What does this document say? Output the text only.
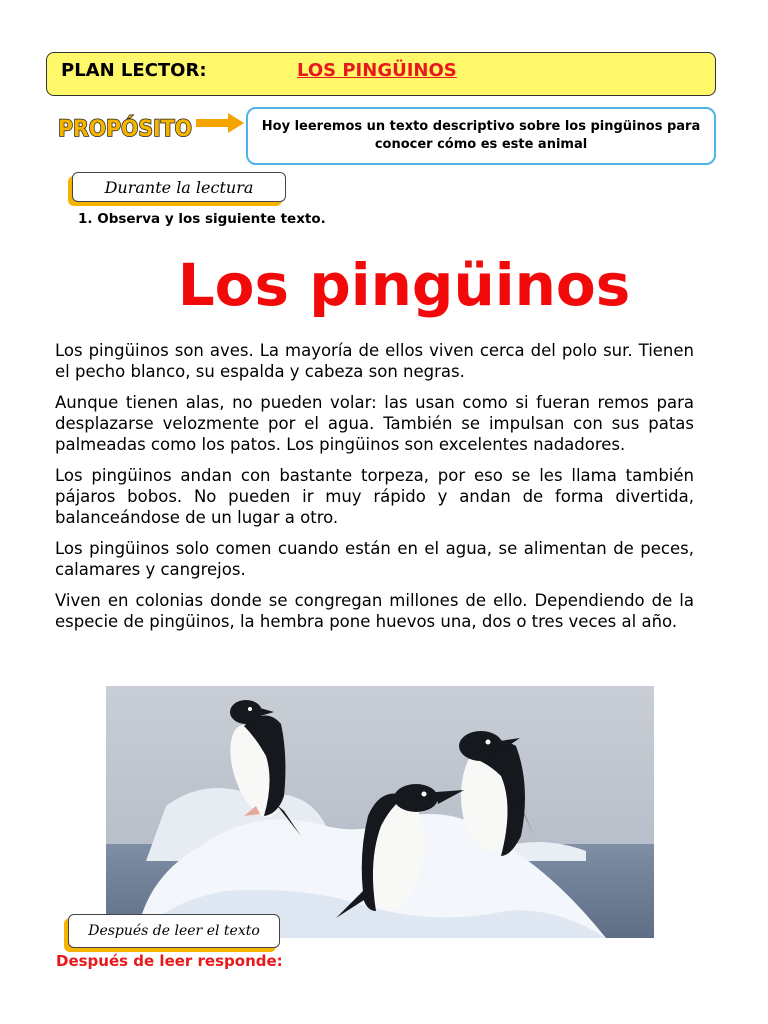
PLAN LECTOR:	LOS PINGÜINOS
PROPÓSITO	Hoy leeremos un texto descriptivo sobre los pingüinos para conocer cómo es este animal
Durante la lectura
1. Observa y los siguiente texto.
Los pingüinos

Los pingüinos son aves. La mayoría de ellos viven cerca del polo sur. Tienen el pecho blanco, su espalda y cabeza son negras.

Aunque tienen alas, no pueden volar: las usan como si fueran remos para desplazarse velozmente por el agua. También se impulsan con sus patas palmeadas como los patos. Los pingüinos son excelentes nadadores.

Los pingüinos andan con bastante torpeza, por eso se les llama también pájaros bobos. No pueden ir muy rápido y andan de forma divertida, balanceándose de un lugar a otro.

Los pingüinos solo comen cuando están en el agua, se alimentan de peces, calamares y cangrejos.

Viven en colonias donde se congregan millones de ello. Dependiendo de la especie de pingüinos, la hembra pone huevos una, dos o tres veces al año.

Después de leer el texto
Después de leer responde:
